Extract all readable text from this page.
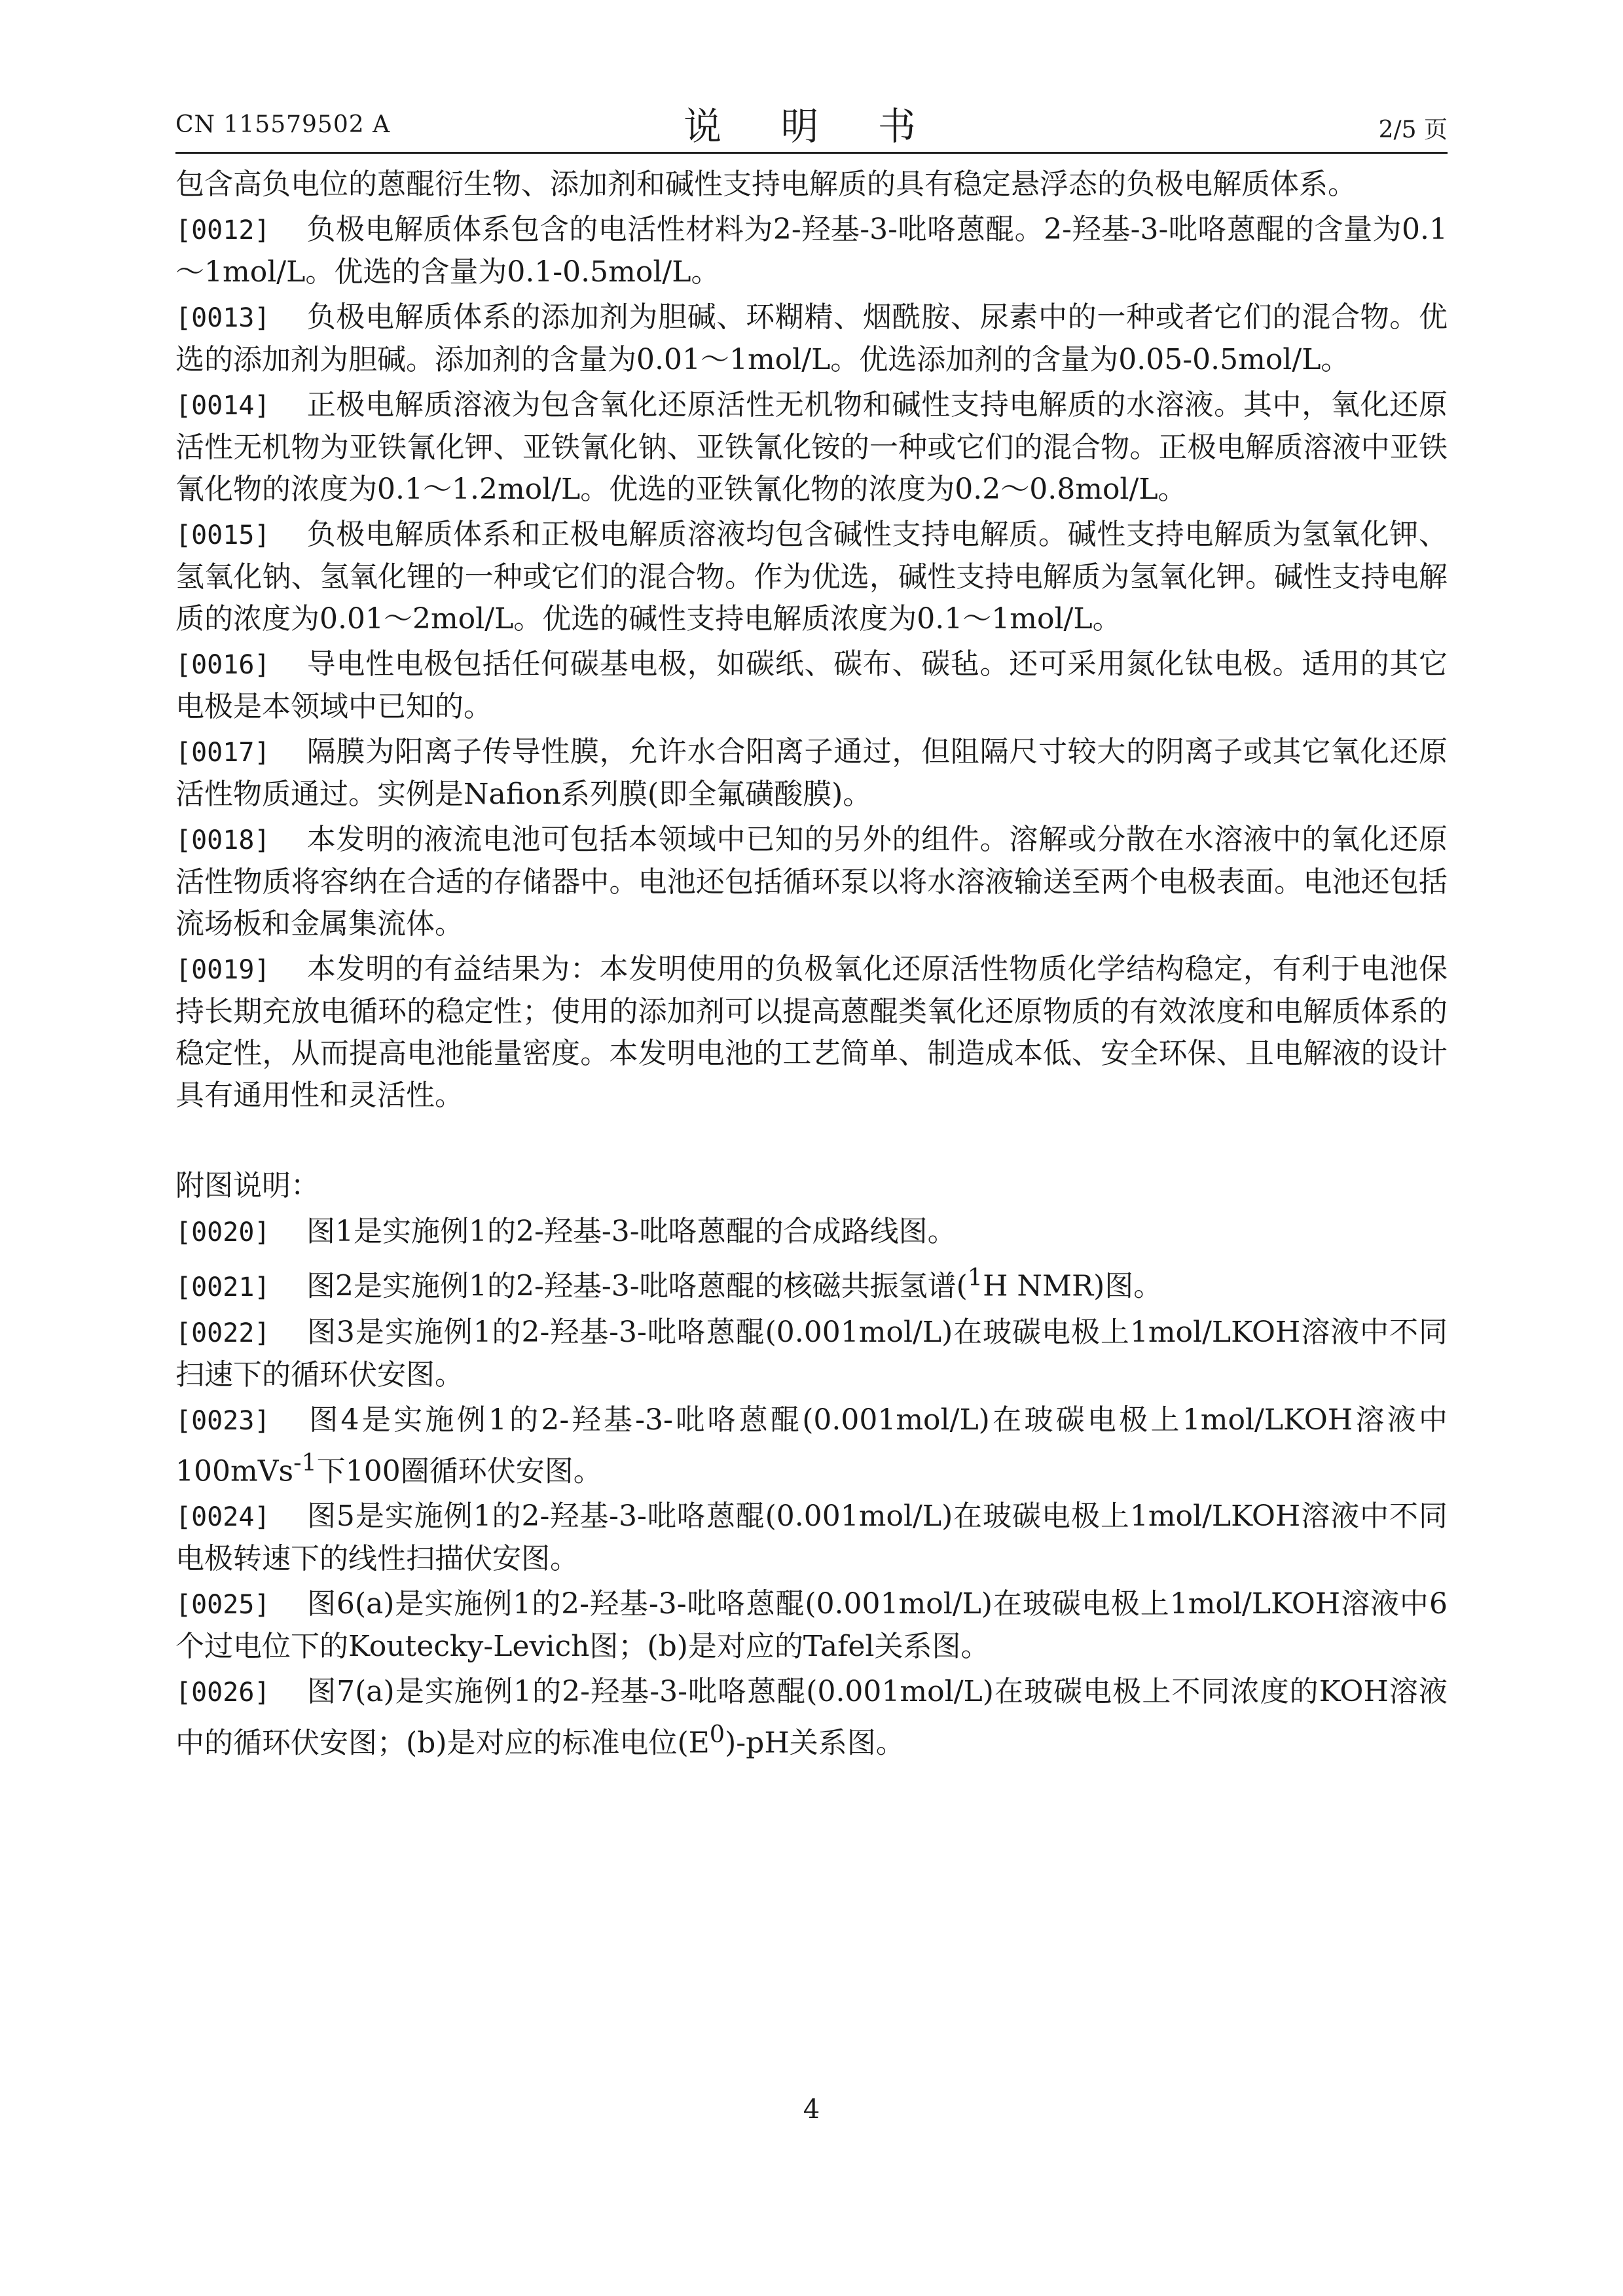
CN 115579502 A	说 明 书	2/5 页

包含高负电位的蒽醌衍生物、添加剂和碱性支持电解质的具有稳定悬浮态的负极电解质体系。

[0012] 负极电解质体系包含的电活性材料为2-羟基-3-吡咯蒽醌。2-羟基-3-吡咯蒽醌的含量为0.1～1mol/L。优选的含量为0.1-0.5mol/L。

[0013] 负极电解质体系的添加剂为胆碱、环糊精、烟酰胺、尿素中的一种或者它们的混合物。优选的添加剂为胆碱。添加剂的含量为0.01～1mol/L。优选添加剂的含量为0.05-0.5mol/L。

[0014] 正极电解质溶液为包含氧化还原活性无机物和碱性支持电解质的水溶液。其中，氧化还原活性无机物为亚铁氰化钾、亚铁氰化钠、亚铁氰化铵的一种或它们的混合物。正极电解质溶液中亚铁氰化物的浓度为0.1～1.2mol/L。优选的亚铁氰化物的浓度为0.2～0.8mol/L。

[0015] 负极电解质体系和正极电解质溶液均包含碱性支持电解质。碱性支持电解质为氢氧化钾、氢氧化钠、氢氧化锂的一种或它们的混合物。作为优选，碱性支持电解质为氢氧化钾。碱性支持电解质的浓度为0.01～2mol/L。优选的碱性支持电解质浓度为0.1～1mol/L。

[0016] 导电性电极包括任何碳基电极，如碳纸、碳布、碳毡。还可采用氮化钛电极。适用的其它电极是本领域中已知的。

[0017] 隔膜为阳离子传导性膜，允许水合阳离子通过，但阻隔尺寸较大的阴离子或其它氧化还原活性物质通过。实例是Nafion系列膜(即全氟磺酸膜)。

[0018] 本发明的液流电池可包括本领域中已知的另外的组件。溶解或分散在水溶液中的氧化还原活性物质将容纳在合适的存储器中。电池还包括循环泵以将水溶液输送至两个电极表面。电池还包括流场板和金属集流体。

[0019] 本发明的有益结果为：本发明使用的负极氧化还原活性物质化学结构稳定，有利于电池保持长期充放电循环的稳定性；使用的添加剂可以提高蒽醌类氧化还原物质的有效浓度和电解质体系的稳定性，从而提高电池能量密度。本发明电池的工艺简单、制造成本低、安全环保、且电解液的设计具有通用性和灵活性。

附图说明：

[0020] 图1是实施例1的2-羟基-3-吡咯蒽醌的合成路线图。

[0021] 图2是实施例1的2-羟基-3-吡咯蒽醌的核磁共振氢谱($^1$H NMR)图。

[0022] 图3是实施例1的2-羟基-3-吡咯蒽醌(0.001mol/L)在玻碳电极上1mol/LKOH溶液中不同扫速下的循环伏安图。

[0023] 图4是实施例1的2-羟基-3-吡咯蒽醌(0.001mol/L)在玻碳电极上1mol/LKOH溶液中100mVs$^{-1}$下100圈循环伏安图。

[0024] 图5是实施例1的2-羟基-3-吡咯蒽醌(0.001mol/L)在玻碳电极上1mol/LKOH溶液中不同电极转速下的线性扫描伏安图。

[0025] 图6(a)是实施例1的2-羟基-3-吡咯蒽醌(0.001mol/L)在玻碳电极上1mol/LKOH溶液中6个过电位下的Koutecky-Levich图；(b)是对应的Tafel关系图。

[0026] 图7(a)是实施例1的2-羟基-3-吡咯蒽醌(0.001mol/L)在玻碳电极上不同浓度的KOH溶液中的循环伏安图；(b)是对应的标准电位$(E^0)-pH$关系图。

4
